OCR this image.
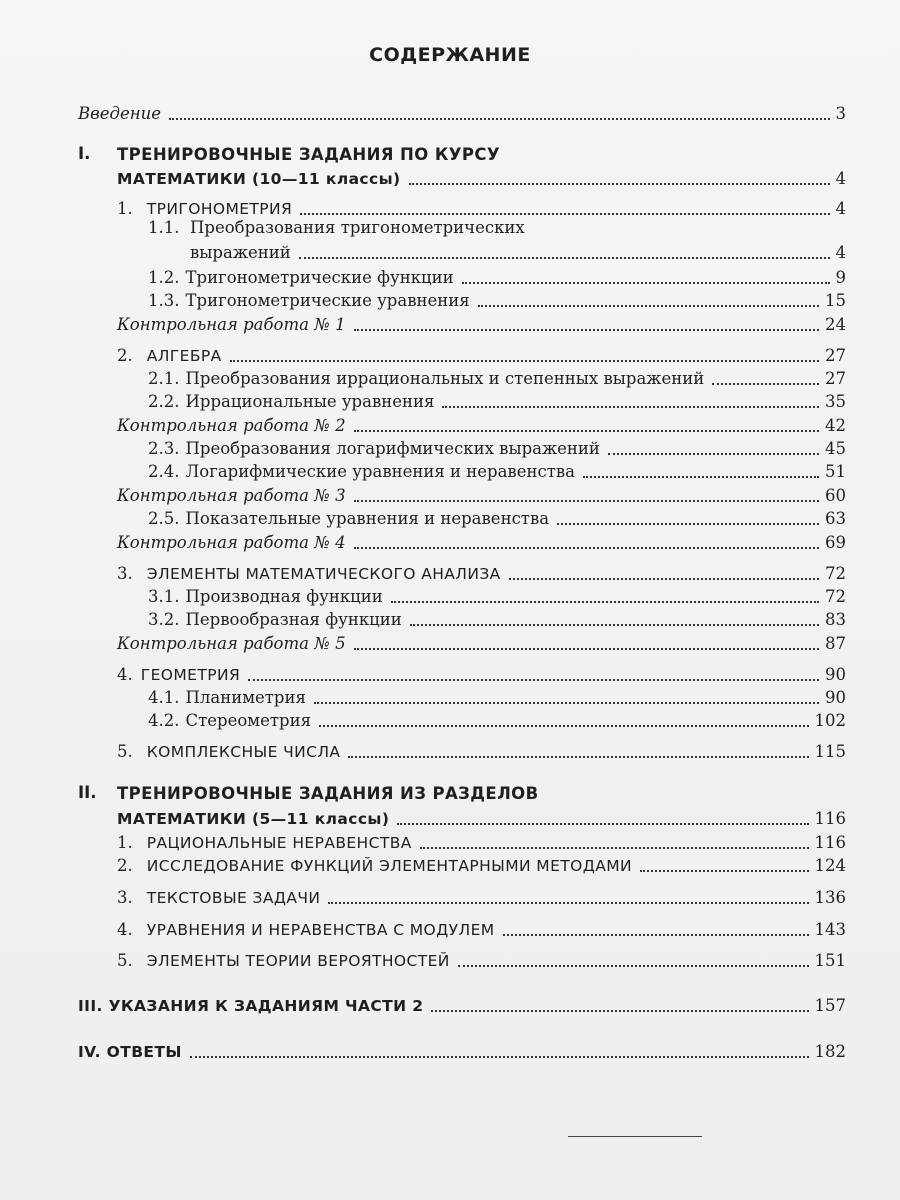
СОДЕРЖАНИЕ
Введение	3
I. ТРЕНИРОВОЧНЫЕ ЗАДАНИЯ ПО КУРСУ
МАТЕМАТИКИ (10—11 классы)	4
1. ТРИГОНОМЕТРИЯ	4
1.1. Преобразования тригонометрических
выражений	4
1.2. Тригонометрические функции	9
1.3. Тригонометрические уравнения	15
Контрольная работа № 1	24
2. АЛГЕБРА	27
2.1. Преобразования иррациональных и степенных выражений	27
2.2. Иррациональные уравнения	35
Контрольная работа № 2	42
2.3. Преобразования логарифмических выражений	45
2.4. Логарифмические уравнения и неравенства	51
Контрольная работа № 3	60
2.5. Показательные уравнения и неравенства	63
Контрольная работа № 4	69
3. ЭЛЕМЕНТЫ МАТЕМАТИЧЕСКОГО АНАЛИЗА	72
3.1. Производная функции	72
3.2. Первообразная функции	83
Контрольная работа № 5	87
4. ГЕОМЕТРИЯ	90
4.1. Планиметрия	90
4.2. Стереометрия	102
5. КОМПЛЕКСНЫЕ ЧИСЛА	115
II. ТРЕНИРОВОЧНЫЕ ЗАДАНИЯ ИЗ РАЗДЕЛОВ
МАТЕМАТИКИ (5—11 классы)	116
1. РАЦИОНАЛЬНЫЕ НЕРАВЕНСТВА	116
2. ИССЛЕДОВАНИЕ ФУНКЦИЙ ЭЛЕМЕНТАРНЫМИ МЕТОДАМИ	124
3. ТЕКСТОВЫЕ ЗАДАЧИ	136
4. УРАВНЕНИЯ И НЕРАВЕНСТВА С МОДУЛЕМ	143
5. ЭЛЕМЕНТЫ ТЕОРИИ ВЕРОЯТНОСТЕЙ	151
III. УКАЗАНИЯ К ЗАДАНИЯМ ЧАСТИ 2	157
IV. ОТВЕТЫ	182
